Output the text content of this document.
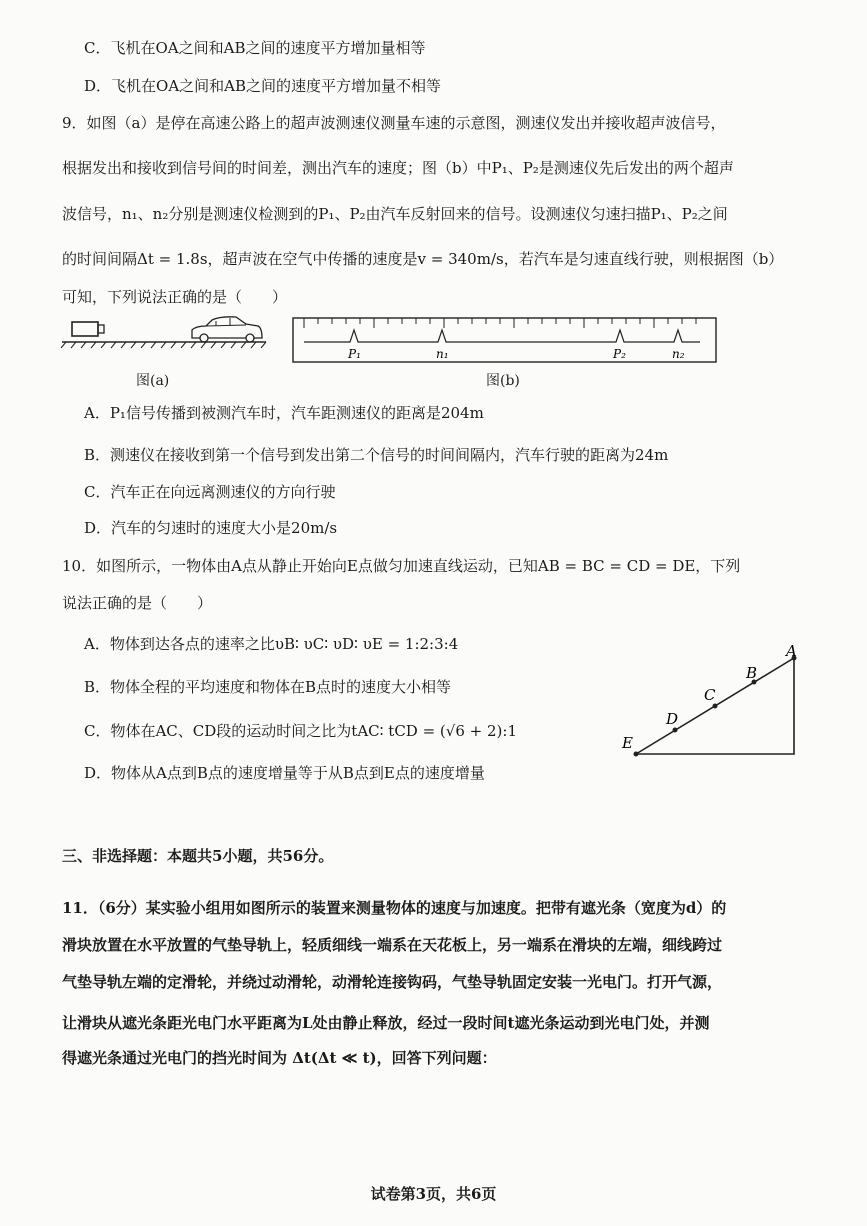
C．飞机在OA之间和AB之间的速度平方增加量相等
D．飞机在OA之间和AB之间的速度平方增加量不相等
9．如图（a）是停在高速公路上的超声波测速仪测量车速的示意图，测速仪发出并接收超声波信号，
根据发出和接收到信号间的时间差，测出汽车的速度；图（b）中P₁、P₂是测速仪先后发出的两个超声
波信号，n₁、n₂分别是测速仪检测到的P₁、P₂由汽车反射回来的信号。设测速仪匀速扫描P₁、P₂之间
的时间间隔Δt = 1.8s，超声波在空气中传播的速度是v = 340m/s，若汽车是匀速直线行驶，则根据图（b）
可知，下列说法正确的是（　　）
P₁	n₁	P₂	n₂
图(a)	图(b)
A．P₁信号传播到被测汽车时，汽车距测速仪的距离是204m
B．测速仪在接收到第一个信号到发出第二个信号的时间间隔内，汽车行驶的距离为24m
C．汽车正在向远离测速仪的方向行驶
D．汽车的匀速时的速度大小是20m/s
10．如图所示，一物体由A点从静止开始向E点做匀加速直线运动，已知AB = BC = CD = DE，下列
说法正确的是（　　）
A．物体到达各点的速率之比υB∶ υC∶ υD∶ υE = 1:2:3:4
B．物体全程的平均速度和物体在B点时的速度大小相等
C．物体在AC、CD段的运动时间之比为tAC∶ tCD = (√6 + 2):1
D．物体从A点到B点的速度增量等于从B点到E点的速度增量
A
B
C
D
E
三、非选择题：本题共5小题，共56分。
11．（6分）某实验小组用如图所示的装置来测量物体的速度与加速度。把带有遮光条（宽度为d）的
滑块放置在水平放置的气垫导轨上，轻质细线一端系在天花板上，另一端系在滑块的左端，细线跨过
气垫导轨左端的定滑轮，并绕过动滑轮，动滑轮连接钩码，气垫导轨固定安装一光电门。打开气源，
让滑块从遮光条距光电门水平距离为L处由静止释放，经过一段时间t遮光条运动到光电门处，并测
得遮光条通过光电门的挡光时间为 Δt(Δt ≪ t)，回答下列问题：
试卷第3页，共6页
